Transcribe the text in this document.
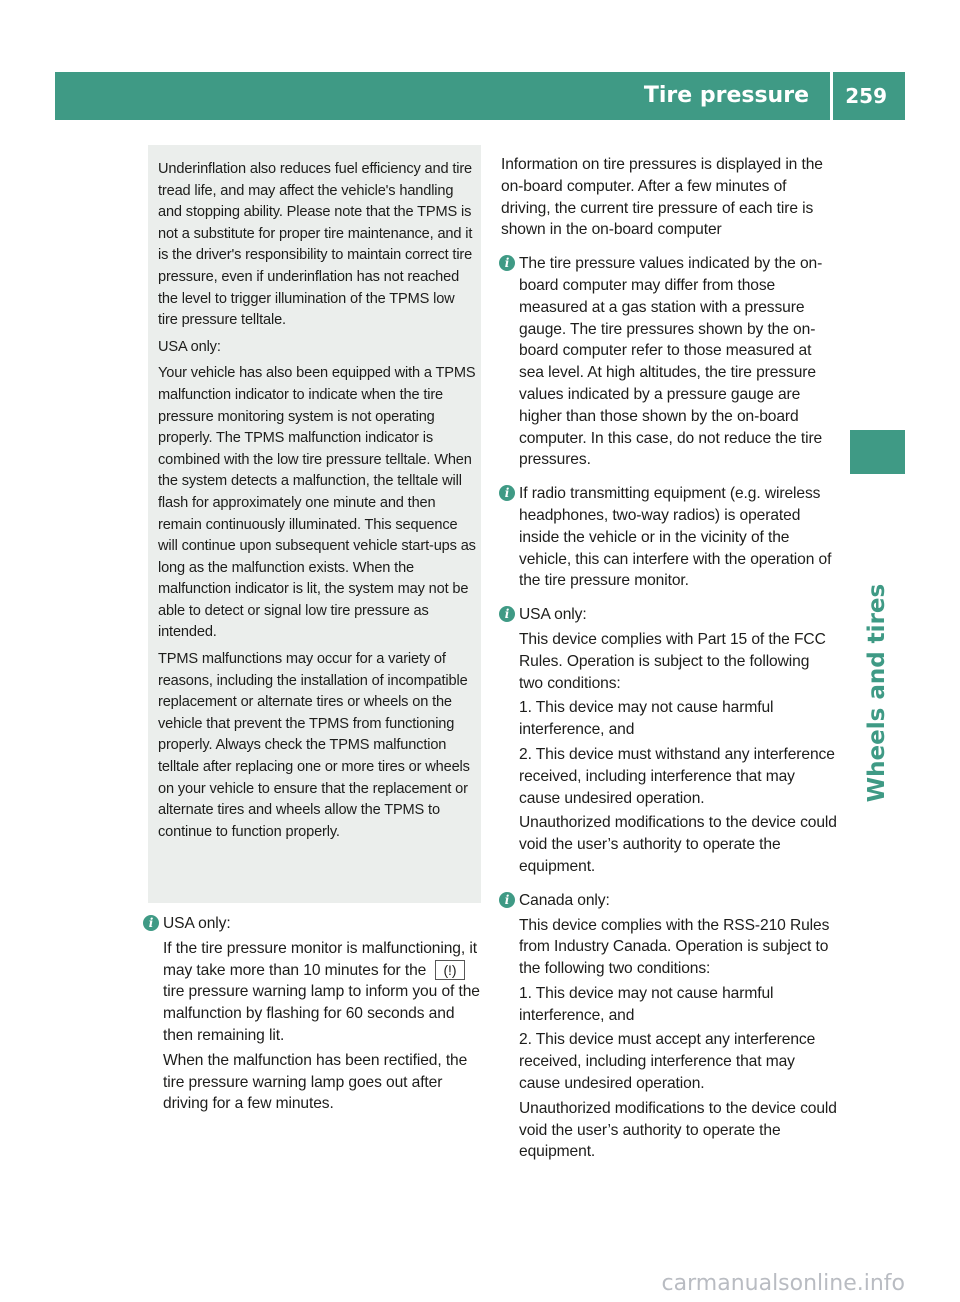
Tire pressure 259
Wheels and tires

Underinflation also reduces fuel efficiency and tire tread life, and may affect the vehicle's handling and stopping ability. Please note that the TPMS is not a substitute for proper tire maintenance, and it is the driver's responsibility to maintain correct tire pressure, even if underinflation has not reached the level to trigger illumination of the TPMS low tire pressure telltale.

USA only:

Your vehicle has also been equipped with a TPMS malfunction indicator to indicate when the tire pressure monitoring system is not operating properly. The TPMS malfunction indicator is combined with the low tire pressure telltale. When the system detects a malfunction, the telltale will flash for approximately one minute and then remain continuously illuminated. This sequence will continue upon subsequent vehicle start-ups as long as the malfunction exists. When the malfunction indicator is lit, the system may not be able to detect or signal low tire pressure as intended.

TPMS malfunctions may occur for a variety of reasons, including the installation of incompatible replacement or alternate tires or wheels on the vehicle that prevent the TPMS from functioning properly. Always check the TPMS malfunction telltale after replacing one or more tires or wheels on your vehicle to ensure that the replacement or alternate tires and wheels allow the TPMS to continue to function properly.

i USA only:

If the tire pressure monitor is malfunctioning, it may take more than 10 minutes for the (!) tire pressure warning lamp to inform you of the malfunction by flashing for 60 seconds and then remaining lit.

When the malfunction has been rectified, the tire pressure warning lamp goes out after driving for a few minutes.

Information on tire pressures is displayed in the on-board computer. After a few minutes of driving, the current tire pressure of each tire is shown in the on-board computer

i The tire pressure values indicated by the on-board computer may differ from those measured at a gas station with a pressure gauge. The tire pressures shown by the on-board computer refer to those measured at sea level. At high altitudes, the tire pressure values indicated by a pressure gauge are higher than those shown by the on-board computer. In this case, do not reduce the tire pressures.

i If radio transmitting equipment (e.g. wireless headphones, two-way radios) is operated inside the vehicle or in the vicinity of the vehicle, this can interfere with the operation of the tire pressure monitor.

i USA only:

This device complies with Part 15 of the FCC Rules. Operation is subject to the following two conditions:

1. This device may not cause harmful interference, and

2. This device must withstand any interference received, including interference that may cause undesired operation.

Unauthorized modifications to the device could void the user’s authority to operate the equipment.

i Canada only:

This device complies with the RSS-210 Rules from Industry Canada. Operation is subject to the following two conditions:

1. This device may not cause harmful interference, and

2. This device must accept any interference received, including interference that may cause undesired operation.

Unauthorized modifications to the device could void the user’s authority to operate the equipment.

carmanualsonline.info
